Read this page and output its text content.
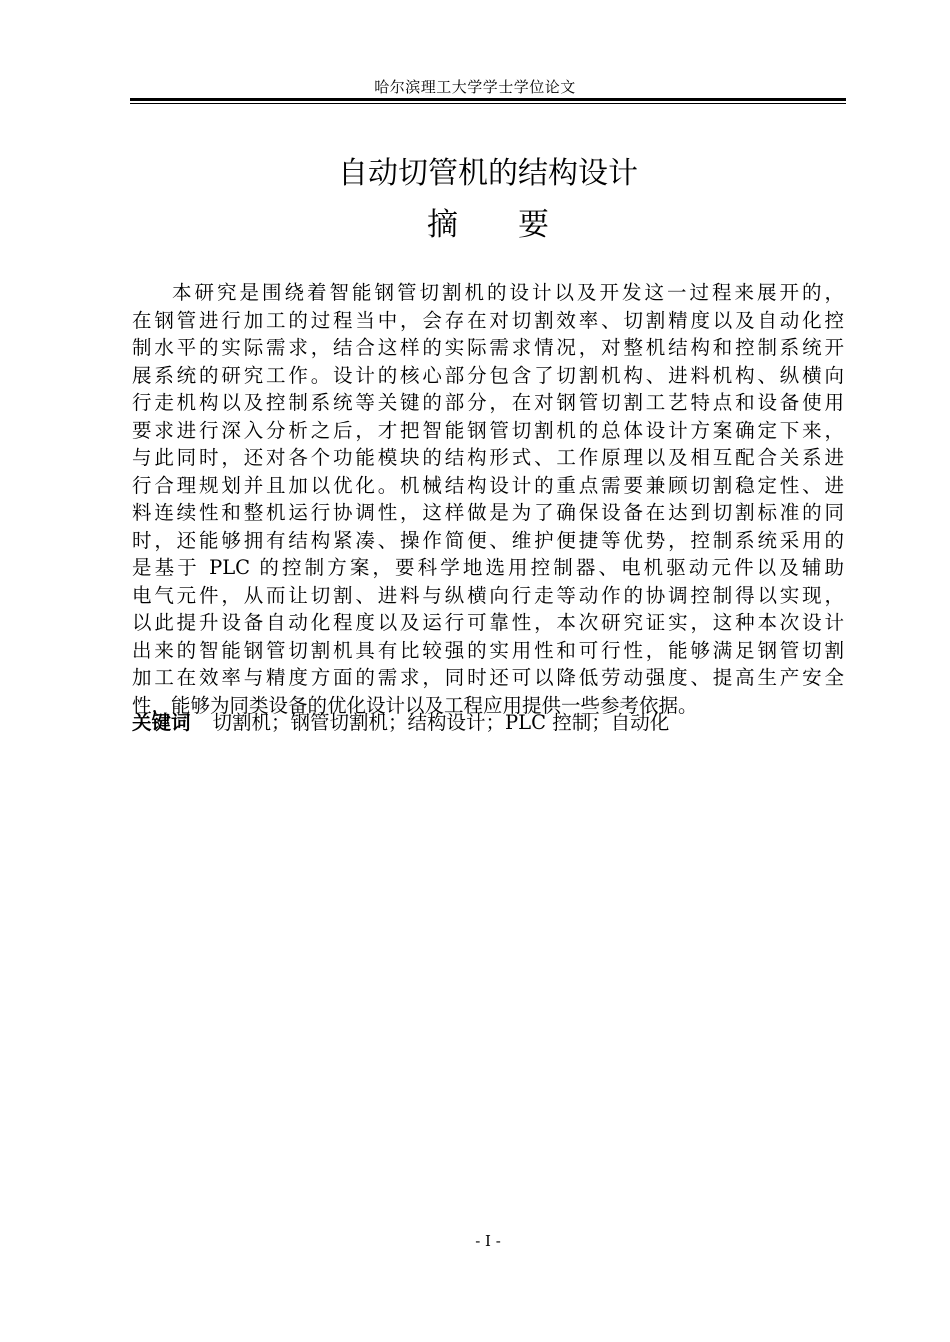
哈尔滨理工大学学士学位论文
自动切管机的结构设计
摘要
本研究是围绕着智能钢管切割机的设计以及开发这一过程来展开的，
在钢管进行加工的过程当中，会存在对切割效率、切割精度以及自动化控
制水平的实际需求，结合这样的实际需求情况，对整机结构和控制系统开
展系统的研究工作。设计的核心部分包含了切割机构、进料机构、纵横向
行走机构以及控制系统等关键的部分，在对钢管切割工艺特点和设备使用
要求进行深入分析之后，才把智能钢管切割机的总体设计方案确定下来，
与此同时，还对各个功能模块的结构形式、工作原理以及相互配合关系进
行合理规划并且加以优化。机械结构设计的重点需要兼顾切割稳定性、进
料连续性和整机运行协调性，这样做是为了确保设备在达到切割标准的同
时，还能够拥有结构紧凑、操作简便、维护便捷等优势，控制系统采用的
是基于 PLC 的控制方案，要科学地选用控制器、电机驱动元件以及辅助
电气元件，从而让切割、进料与纵横向行走等动作的协调控制得以实现，
以此提升设备自动化程度以及运行可靠性，本次研究证实，这种本次设计
出来的智能钢管切割机具有比较强的实用性和可行性，能够满足钢管切割
加工在效率与精度方面的需求，同时还可以降低劳动强度、提高生产安全
性，能够为同类设备的优化设计以及工程应用提供一些参考依据。
关键词 切割机；钢管切割机；结构设计；PLC 控制；自动化
- I -
